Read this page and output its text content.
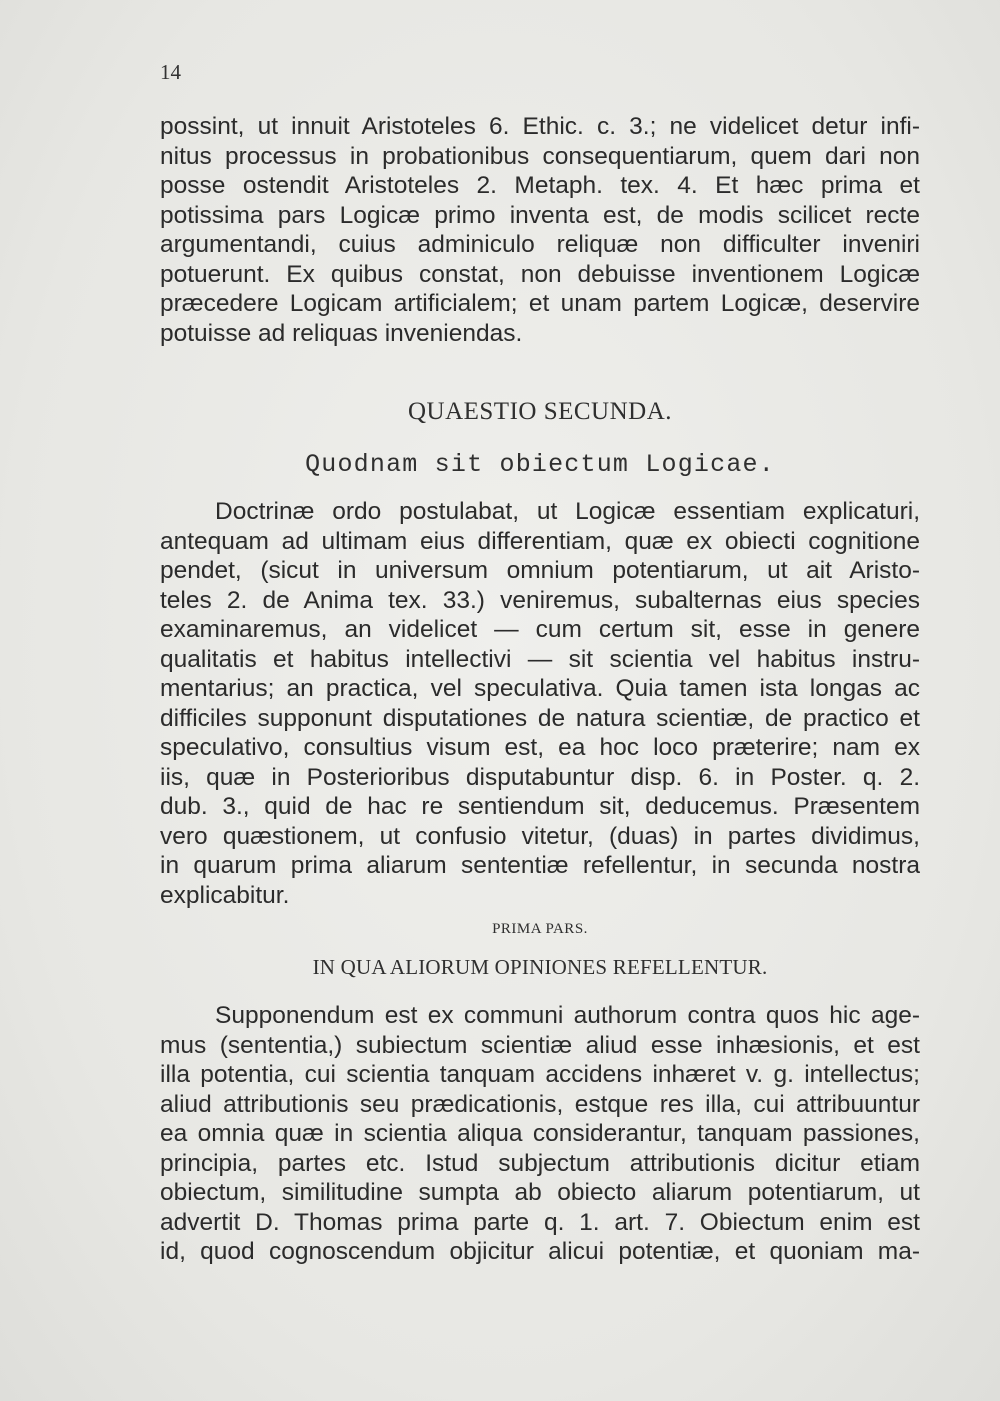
14
possint, ut innuit Aristoteles 6. Ethic. c. 3.; ne videlicet detur infi-
nitus processus in probationibus consequentiarum, quem dari non
posse ostendit Aristoteles 2. Metaph. tex. 4. Et hæc prima et
potissima pars Logicæ primo inventa est, de modis scilicet recte
argumentandi, cuius adminiculo reliquæ non difficulter inveniri
potuerunt. Ex quibus constat, non debuisse inventionem Logicæ
præcedere Logicam artificialem; et unam partem Logicæ, deservire
potuisse ad reliquas inveniendas.
QUAESTIO SECUNDA.
Quodnam sit obiectum Logicae.
Doctrinæ ordo postulabat, ut Logicæ essentiam explicaturi,
antequam ad ultimam eius differentiam, quæ ex obiecti cognitione
pendet, (sicut in universum omnium potentiarum, ut ait Aristo-
teles 2. de Anima tex. 33.) veniremus, subalternas eius species
examinaremus, an videlicet — cum certum sit, esse in genere
qualitatis et habitus intellectivi — sit scientia vel habitus instru-
mentarius; an practica, vel speculativa. Quia tamen ista longas ac
difficiles supponunt disputationes de natura scientiæ, de practico et
speculativo, consultius visum est, ea hoc loco præterire; nam ex
iis, quæ in Posterioribus disputabuntur disp. 6. in Poster. q. 2.
dub. 3., quid de hac re sentiendum sit, deducemus. Præsentem
vero quæstionem, ut confusio vitetur, (duas) in partes dividimus,
in quarum prima aliarum sententiæ refellentur, in secunda nostra
explicabitur.
PRIMA PARS.
IN QUA ALIORUM OPINIONES REFELLENTUR.
Supponendum est ex communi authorum contra quos hic age-
mus (sententia,) subiectum scientiæ aliud esse inhæsionis, et est
illa potentia, cui scientia tanquam accidens inhæret v. g. intellectus;
aliud attributionis seu prædicationis, estque res illa, cui attribuuntur
ea omnia quæ in scientia aliqua considerantur, tanquam passiones,
principia, partes etc. Istud subjectum attributionis dicitur etiam
obiectum, similitudine sumpta ab obiecto aliarum potentiarum, ut
advertit D. Thomas prima parte q. 1. art. 7. Obiectum enim est
id, quod cognoscendum objicitur alicui potentiæ, et quoniam ma-
